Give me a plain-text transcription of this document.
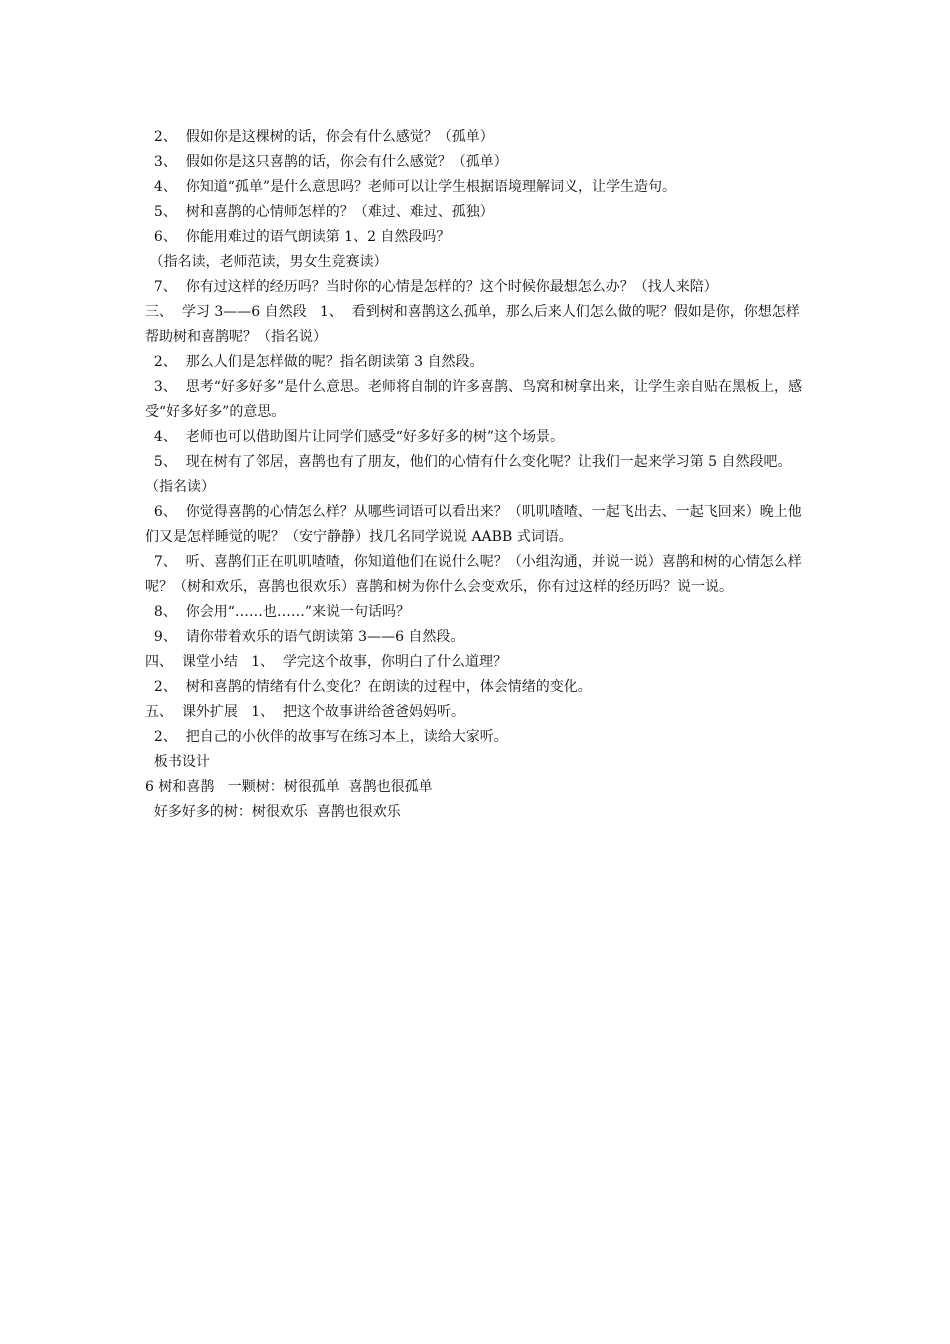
2、  假如你是这棵树的话，你会有什么感觉？（孤单）

3、  假如你是这只喜鹊的话，你会有什么感觉？（孤单）

4、  你知道“孤单”是什么意思吗？老师可以让学生根据语境理解词义，让学生造句。

5、  树和喜鹊的心情师怎样的？（难过、难过、孤独）

6、  你能用难过的语气朗读第 1、2 自然段吗？

（指名读，老师范读，男女生竞赛读）

7、  你有过这样的经历吗？当时你的心情是怎样的？这个时候你最想怎么办？（找人来陪）

三、  学习 3——6 自然段   1、  看到树和喜鹊这么孤单，那么后来人们怎么做的呢？假如是你，你想怎样帮助树和喜鹊呢？（指名说）

2、  那么人们是怎样做的呢？指名朗读第 3 自然段。

3、  思考“好多好多”是什么意思。老师将自制的许多喜鹊、鸟窝和树拿出来，让学生亲自贴在黑板上，感受“好多好多”的意思。

4、  老师也可以借助图片让同学们感受“好多好多的树”这个场景。

5、  现在树有了邻居，喜鹊也有了朋友，他们的心情有什么变化呢？让我们一起来学习第 5 自然段吧。（指名读）

6、  你觉得喜鹊的心情怎么样？从哪些词语可以看出来？（叽叽喳喳、一起飞出去、一起飞回来）晚上他们又是怎样睡觉的呢？（安宁静静）找几名同学说说 AABB 式词语。

7、  听、喜鹊们正在叽叽喳喳，你知道他们在说什么呢？（小组沟通，并说一说）喜鹊和树的心情怎么样呢？（树和欢乐，喜鹊也很欢乐）喜鹊和树为你什么会变欢乐，你有过这样的经历吗？说一说。

8、  你会用“……也……”来说一句话吗？

9、  请你带着欢乐的语气朗读第 3——6 自然段。

四、  课堂小结   1、  学完这个故事，你明白了什么道理？

2、  树和喜鹊的情绪有什么变化？在朗读的过程中，体会情绪的变化。

五、  课外扩展   1、  把这个故事讲给爸爸妈妈听。

2、  把自己的小伙伴的故事写在练习本上，读给大家听。

板书设计

6 树和喜鹊   一颗树：树很孤单  喜鹊也很孤单

好多好多的树：树很欢乐  喜鹊也很欢乐
